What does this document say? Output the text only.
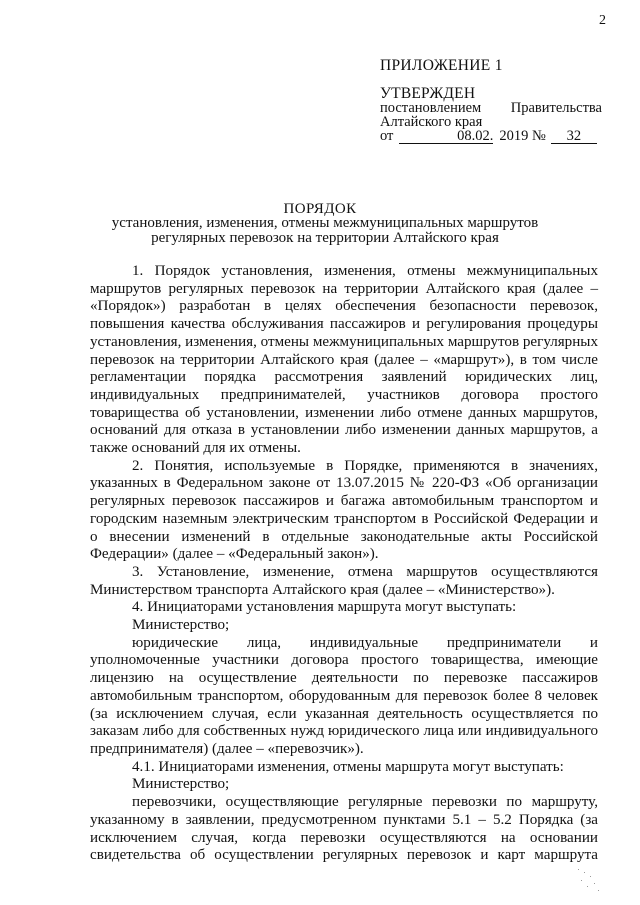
2
ПРИЛОЖЕНИЕ 1
УТВЕРЖДЕН
постановлением Правительства
Алтайского края
от	08.02. 2019 №	32
ПОРЯДОК
установления, изменения, отмены межмуниципальных маршрутов
регулярных перевозок на территории Алтайского края

1. Порядок установления, изменения, отмены межмуниципальных маршрутов регулярных перевозок на территории Алтайского края (далее – «Порядок») разработан в целях обеспечения безопасности перевозок, повышения качества обслуживания пассажиров и регулирования процедуры установления, изменения, отмены межмуниципальных маршрутов регулярных перевозок на территории Алтайского края (далее – «маршрут»), в том числе регламентации порядка рассмотрения заявлений юридических лиц, индивидуальных предпринимателей, участников договора простого товарищества об установлении, изменении либо отмене данных маршрутов, оснований для отказа в установлении либо изменении данных маршрутов, а также оснований для их отмены.

2. Понятия, используемые в Порядке, применяются в значениях, указанных в Федеральном законе от 13.07.2015 № 220-ФЗ «Об организации регулярных перевозок пассажиров и багажа автомобильным транспортом и городским наземным электрическим транспортом в Российской Федерации и о внесении изменений в отдельные законодательные акты Российской Федерации» (далее – «Федеральный закон»).

3. Установление, изменение, отмена маршрутов осуществляются Министерством транспорта Алтайского края (далее – «Министерство»).

4. Инициаторами установления маршрута могут выступать:

Министерство;

юридические лица, индивидуальные предприниматели и уполномоченные участники договора простого товарищества, имеющие лицензию на осуществление деятельности по перевозке пассажиров автомобильным транспортом, оборудованным для перевозок более 8 человек (за исключением случая, если указанная деятельность осуществляется по заказам либо для собственных нужд юридического лица или индивидуального предпринимателя) (далее – «перевозчик»).

4.1. Инициаторами изменения, отмены маршрута могут выступать:

Министерство;

перевозчики, осуществляющие регулярные перевозки по маршруту, указанному в заявлении, предусмотренном пунктами 5.1 – 5.2 Порядка (за исключением случая, когда перевозки осуществляются на основании свидетельства об осуществлении регулярных перевозок и карт маршрута
